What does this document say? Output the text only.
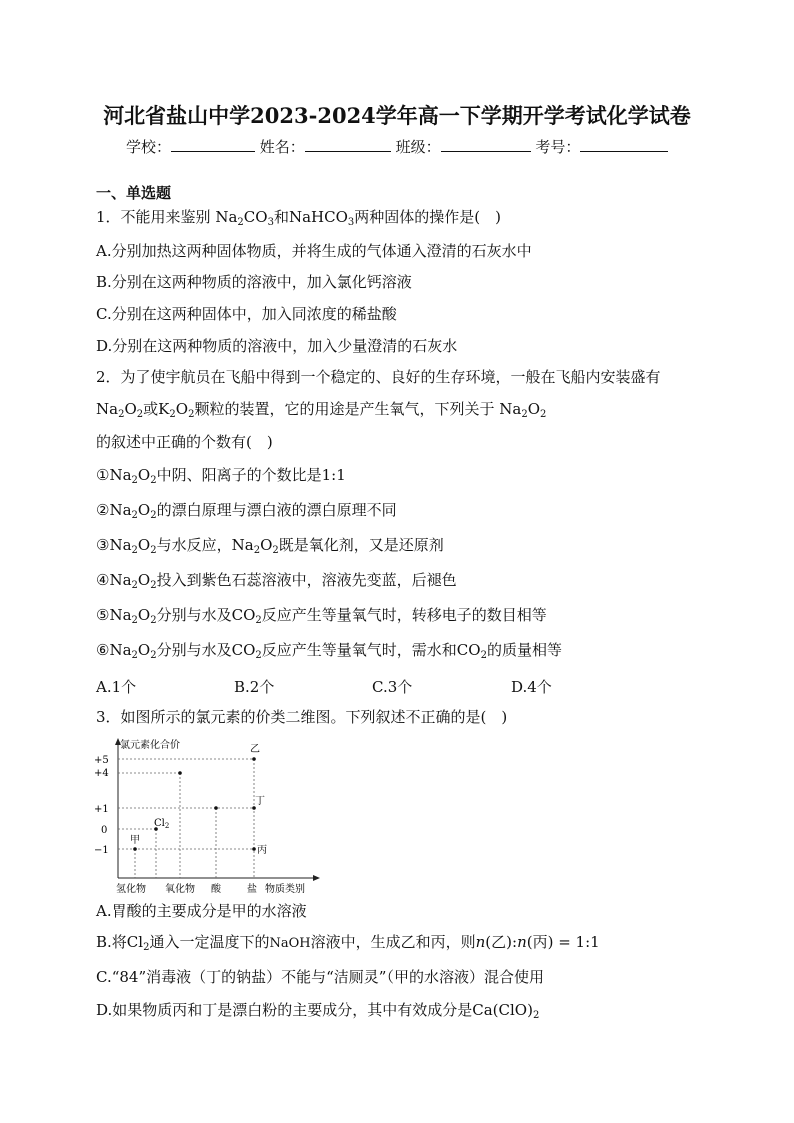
河北省盐山中学2023-2024学年高一下学期开学考试化学试卷
学校：	姓名：	班级：	考号：
一、单选题
1．不能用来鉴别 $Na_2CO_3$和NaHCO$_3$两种固体的操作是(　)
A.分别加热这两种固体物质，并将生成的气体通入澄清的石灰水中
B.分别在这两种物质的溶液中，加入氯化钙溶液
C.分别在这两种固体中，加入同浓度的稀盐酸
D.分别在这两种物质的溶液中，加入少量澄清的石灰水
2．为了使宇航员在飞船中得到一个稳定的、良好的生存环境，一般在飞船内安装盛有
$Na_2O_2$或$K_2O_2$颗粒的装置，它的用途是产生氧气，下列关于 $Na_2O_2$
的叙述中正确的个数有(　)
$①Na_2O_2$中阴、阳离子的个数比是1:1
$②Na_2O_2$的漂白原理与漂白液的漂白原理不同
$③Na_2O_2$与水反应，$Na_2O_2$既是氧化剂，又是还原剂
$④Na_2O_2$投入到紫色石蕊溶液中，溶液先变蓝，后褪色
$⑤Na_2O_2$分别与水及$CO_2$反应产生等量氧气时，转移电子的数目相等
$⑥Na_2O_2$分别与水及$CO_2$反应产生等量氧气时，需水和$CO_2$的质量相等
A.1个	B.2个	C.3个	D.4个
3．如图所示的氯元素的价类二维图。下列叙述不正确的是(　)
氯元素化合价
+5
+4
+1
0
−1
甲
$Cl_2$
乙
丁
丙
氢化物 氧化物 酸	盐 物质类别
A.胃酸的主要成分是甲的水溶液
B.将$Cl_2$通入一定温度下的NaOH溶液中，生成乙和丙，则n(乙):n(丙) = 1:1
C.“84”消毒液（丁的钠盐）不能与“洁厕灵”（甲的水溶液）混合使用
D.如果物质丙和丁是漂白粉的主要成分，其中有效成分是$Ca(ClO)_2$
